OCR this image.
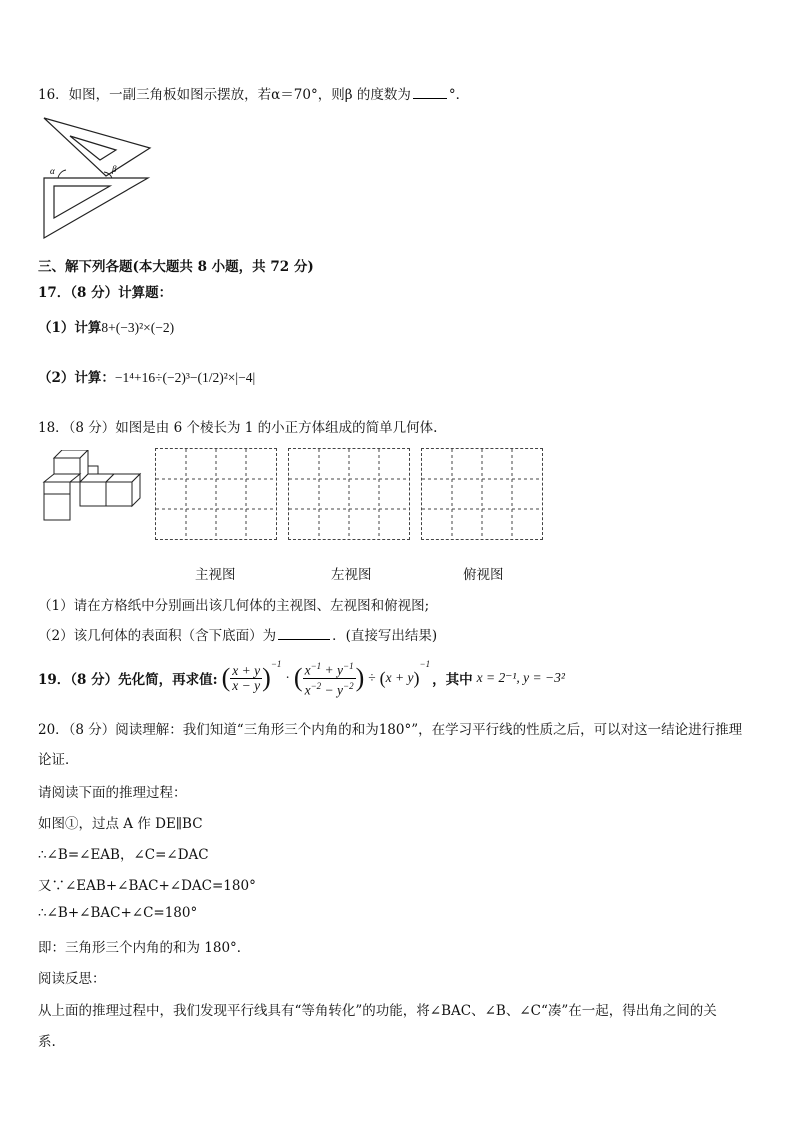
16．如图，一副三角板如图示摆放，若α＝70°，则β 的度数为	°．
α	β
三、解下列各题(本大题共 8 小题，共 72 分)
17．（8 分）计算题：
（1）计算8+(−3)²×(−2)
（2）计算：−1⁴+16÷(−2)³−(1/2)²×|−4|
18．（8 分）如图是由 6 个棱长为 1 的小正方体组成的简单几何体.
主视图	左视图	俯视图
（1）请在方格纸中分别画出该几何体的主视图、左视图和俯视图;
（2）该几何体的表面积（含下底面）为	．(直接写出结果)
19．（8 分）先化简，再求值: ( $\frac{x + y}{x - y} )^{-1}$
· ( $\frac{x^{-1} + y^{-1}}{x^{-2} - y^{-2}}$ ) ÷ ( x + y )
$^{-1}$
，其中 x = 2⁻¹, y = −3²
20．（8 分）阅读理解：我们知道“三角形三个内角的和为180°”，在学习平行线的性质之后，可以对这一结论进行推理
论证．
请阅读下面的推理过程：
如图①，过点 A 作 DE∥BC
∴∠B=∠EAB，∠C=∠DAC
又∵∠EAB+∠BAC+∠DAC=180°
∴∠B+∠BAC+∠C=180°
即：三角形三个内角的和为 180°．
阅读反思：
从上面的推理过程中，我们发现平行线具有“等角转化”的功能，将∠BAC、∠B、∠C“凑”在一起，得出角之间的关
系.
